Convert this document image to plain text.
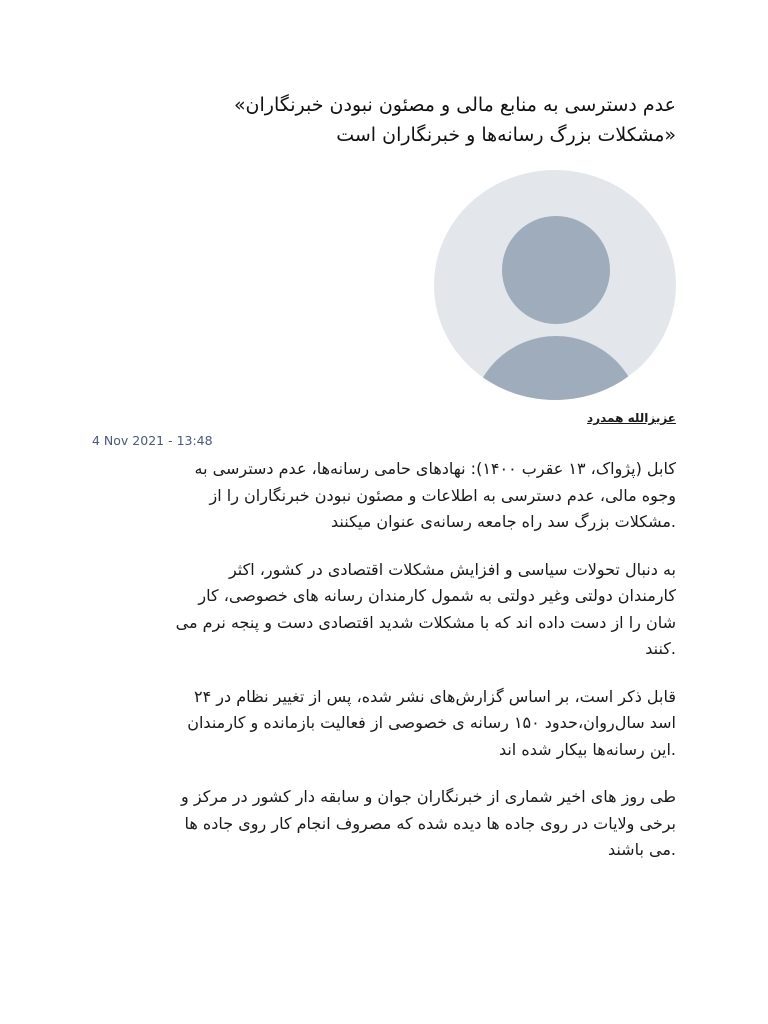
عدم دسترسی به منابع مالی و مصئون نبودن خبرنگاران»
«مشکلات بزرگ رسانه‌ها و خبرنگاران است
عزیزالله همدرد
4 Nov 2021 - 13:48

کابل (پژواک، ۱۳ عقرب ۱۴۰۰): نهادهای حامی رسانه‌ها، عدم دسترسی به
وجوه مالی، عدم دسترسی به اطلاعات و مصئون نبودن خبرنگاران را از
.مشکلات بزرگ سد راه جامعه رسانه‌ی عنوان میکنند

به دنبال تحولات سیاسی و افزایش مشکلات اقتصادی در کشور، اکثر
کارمندان دولتی وغیر دولتی به شمول کارمندان رسانه های خصوصی، کار
شان را از دست داده اند که با مشکلات شدید اقتصادی دست و پنجه نرم می
.کنند

قابل ذکر است، بر اساس گزارش‌های نشر شده، پس از تغییر نظام در ۲۴
اسد سال‌روان،حدود ۱۵۰ رسانه ی خصوصی از فعالیت بازمانده و کارمندان
.این رسانه‌ها بیکار شده اند

طی روز های اخیر شماری از خبرنگاران جوان و سابقه دار کشور در مرکز و
برخی ولایات در روی جاده ها دیده شده که مصروف انجام کار روی جاده ها
.می باشند
